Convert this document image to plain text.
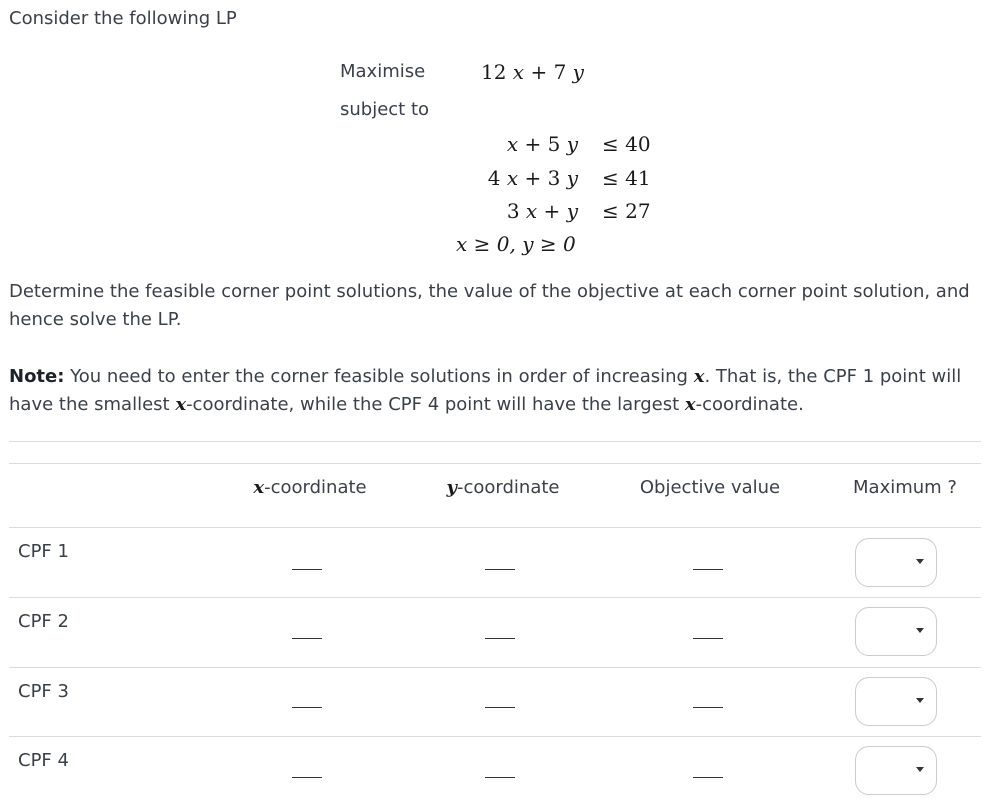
Consider the following LP

Maximise	12 x + 7 y
subject to
x + 5 y ≤ 40
4 x + 3 y ≤ 41
3 x + y ≤ 27
x ≥ 0, y ≥ 0

Determine the feasible corner point solutions, the value of the objective at each corner point solution, and hence solve the LP.

Note: You need to enter the corner feasible solutions in order of increasing x. That is, the CPF 1 point will have the smallest x-coordinate, while the CPF 4 point will have the largest x-coordinate.

x-coordinate	y-coordinate	Objective value	Maximum ?
CPF 1
CPF 2
CPF 3
CPF 4
